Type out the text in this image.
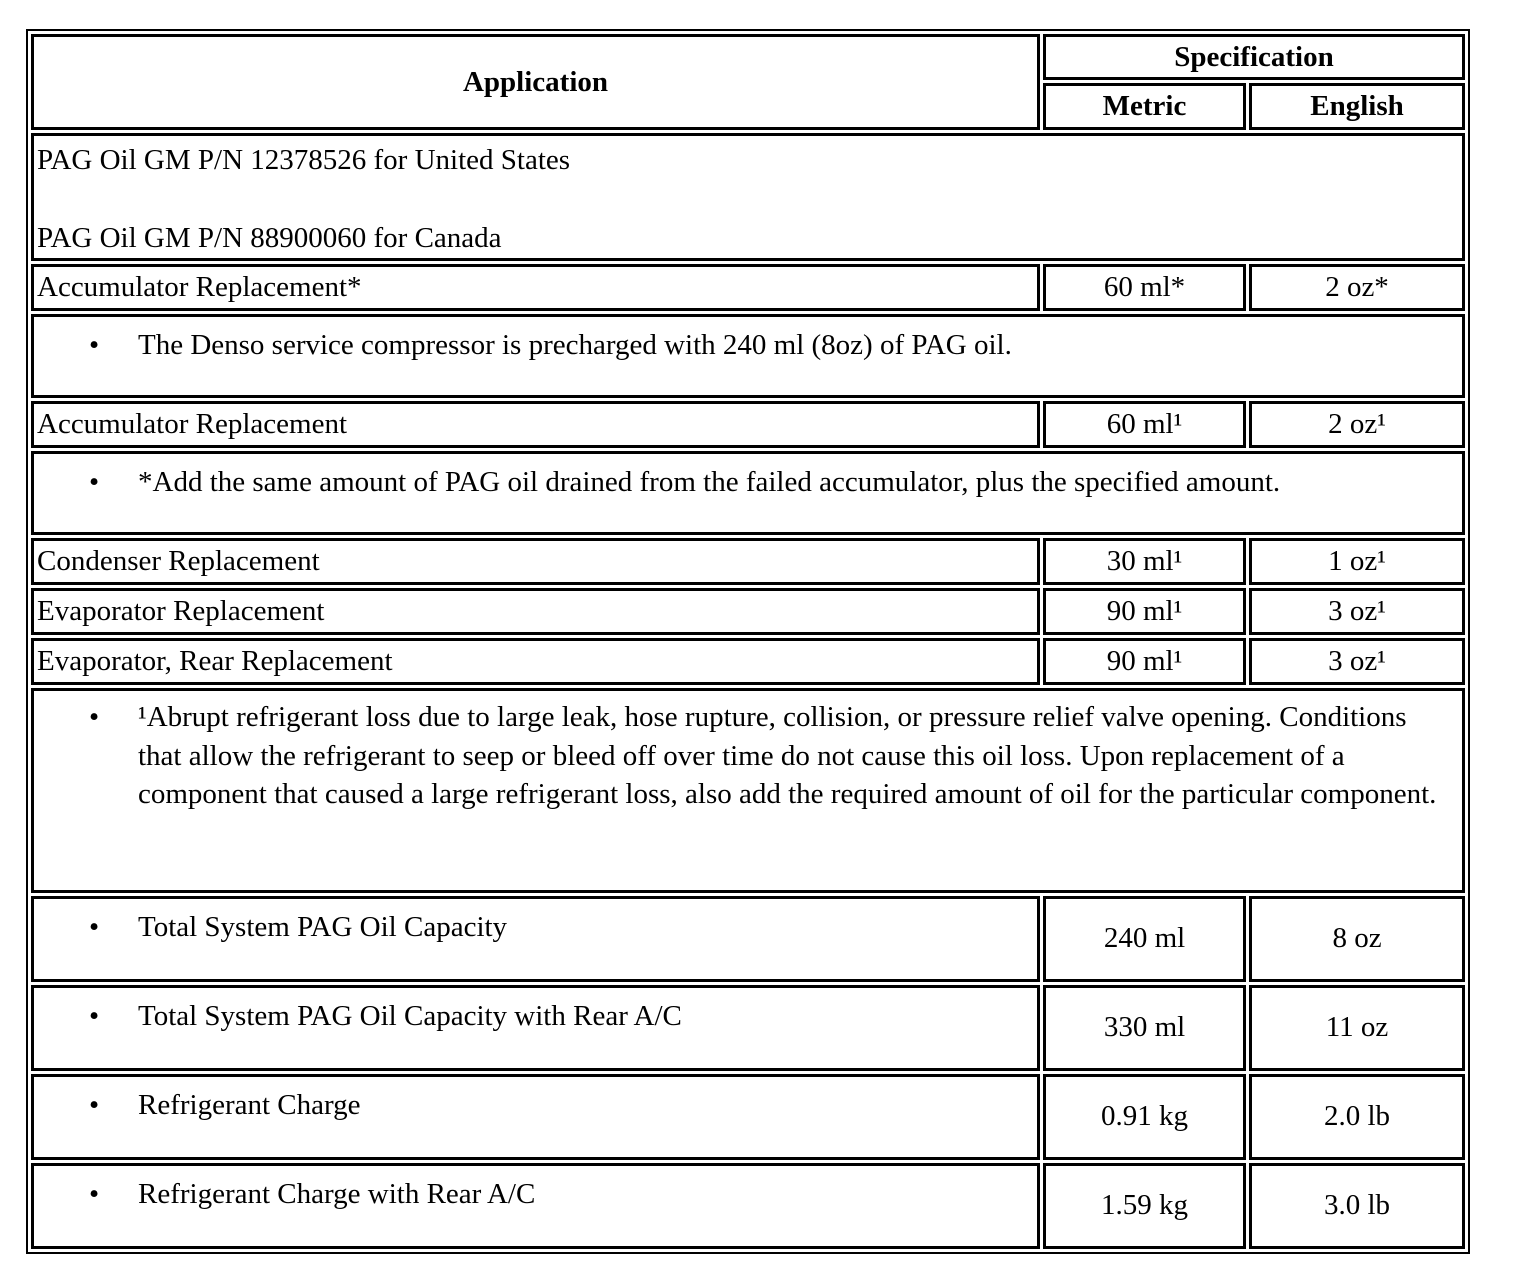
Application	Specification	
	Metric	English

PAG Oil GM P/N 12378526 for United States
PAG Oil GM P/N 88900060 for Canada		

Accumulator Replacement*	60 ml*	2 oz*

• The Denso service compressor is precharged with 240 ml (8oz) of PAG oil.		

Accumulator Replacement	60 ml¹	2 oz¹

• *Add the same amount of PAG oil drained from the failed accumulator, plus the specified amount.		

Condenser Replacement	30 ml¹	1 oz¹
Evaporator Replacement	90 ml¹	3 oz¹
Evaporator, Rear Replacement	90 ml¹	3 oz¹

• ¹Abrupt refrigerant loss due to large leak, hose rupture, collision, or pressure relief valve opening. Conditions that allow the refrigerant to seep or bleed off over time do not cause this oil loss. Upon replacement of a component that caused a large refrigerant loss, also add the required amount of oil for the particular component.		

• Total System PAG Oil Capacity	240 ml	8 oz

• Total System PAG Oil Capacity with Rear A/C	330 ml	11 oz

• Refrigerant Charge	0.91 kg	2.0 lb

• Refrigerant Charge with Rear A/C	1.59 kg	3.0 lb
